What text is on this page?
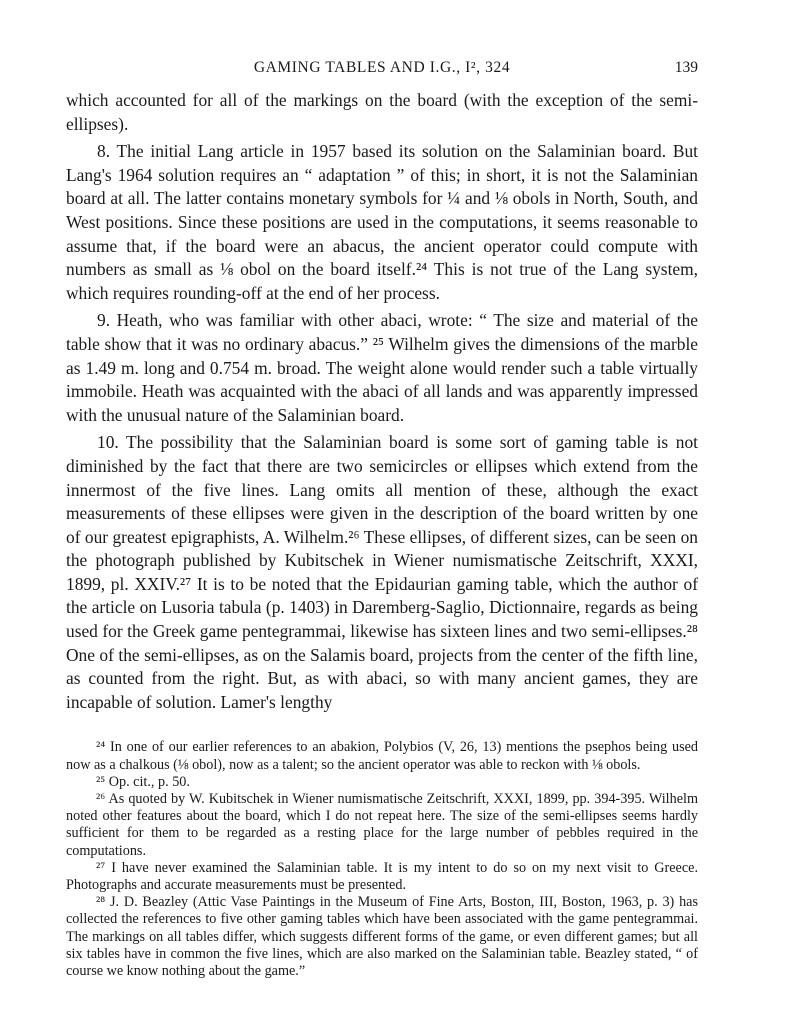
GAMING TABLES AND I.G., I², 324	139

which accounted for all of the markings on the board (with the exception of the semi-ellipses).

8. The initial Lang article in 1957 based its solution on the Salaminian board. But Lang's 1964 solution requires an “ adaptation ” of this; in short, it is not the Salaminian board at all. The latter contains monetary symbols for ¼ and ⅛ obols in North, South, and West positions. Since these positions are used in the computations, it seems reasonable to assume that, if the board were an abacus, the ancient operator could compute with numbers as small as ⅛ obol on the board itself.²⁴ This is not true of the Lang system, which requires rounding-off at the end of her process.

9. Heath, who was familiar with other abaci, wrote: “ The size and material of the table show that it was no ordinary abacus.” ²⁵ Wilhelm gives the dimensions of the marble as 1.49 m. long and 0.754 m. broad. The weight alone would render such a table virtually immobile. Heath was acquainted with the abaci of all lands and was apparently impressed with the unusual nature of the Salaminian board.

10. The possibility that the Salaminian board is some sort of gaming table is not diminished by the fact that there are two semicircles or ellipses which extend from the innermost of the five lines. Lang omits all mention of these, although the exact measurements of these ellipses were given in the description of the board written by one of our greatest epigraphists, A. Wilhelm.²⁶ These ellipses, of different sizes, can be seen on the photograph published by Kubitschek in Wiener numismatische Zeitschrift, XXXI, 1899, pl. XXIV.²⁷ It is to be noted that the Epidaurian gaming table, which the author of the article on Lusoria tabula (p. 1403) in Daremberg-Saglio, Dictionnaire, regards as being used for the Greek game pentegrammai, likewise has sixteen lines and two semi-ellipses.²⁸ One of the semi-ellipses, as on the Salamis board, projects from the center of the fifth line, as counted from the right. But, as with abaci, so with many ancient games, they are incapable of solution. Lamer's lengthy

²⁴ In one of our earlier references to an abakion, Polybios (V, 26, 13) mentions the psephos being used now as a chalkous (⅛ obol), now as a talent; so the ancient operator was able to reckon with ⅛ obols.

²⁵ Op. cit., p. 50.

²⁶ As quoted by W. Kubitschek in Wiener numismatische Zeitschrift, XXXI, 1899, pp. 394-395. Wilhelm noted other features about the board, which I do not repeat here. The size of the semi-ellipses seems hardly sufficient for them to be regarded as a resting place for the large number of pebbles required in the computations.

²⁷ I have never examined the Salaminian table. It is my intent to do so on my next visit to Greece. Photographs and accurate measurements must be presented.

²⁸ J. D. Beazley (Attic Vase Paintings in the Museum of Fine Arts, Boston, III, Boston, 1963, p. 3) has collected the references to five other gaming tables which have been associated with the game pentegrammai. The markings on all tables differ, which suggests different forms of the game, or even different games; but all six tables have in common the five lines, which are also marked on the Salaminian table. Beazley stated, “ of course we know nothing about the game.”
